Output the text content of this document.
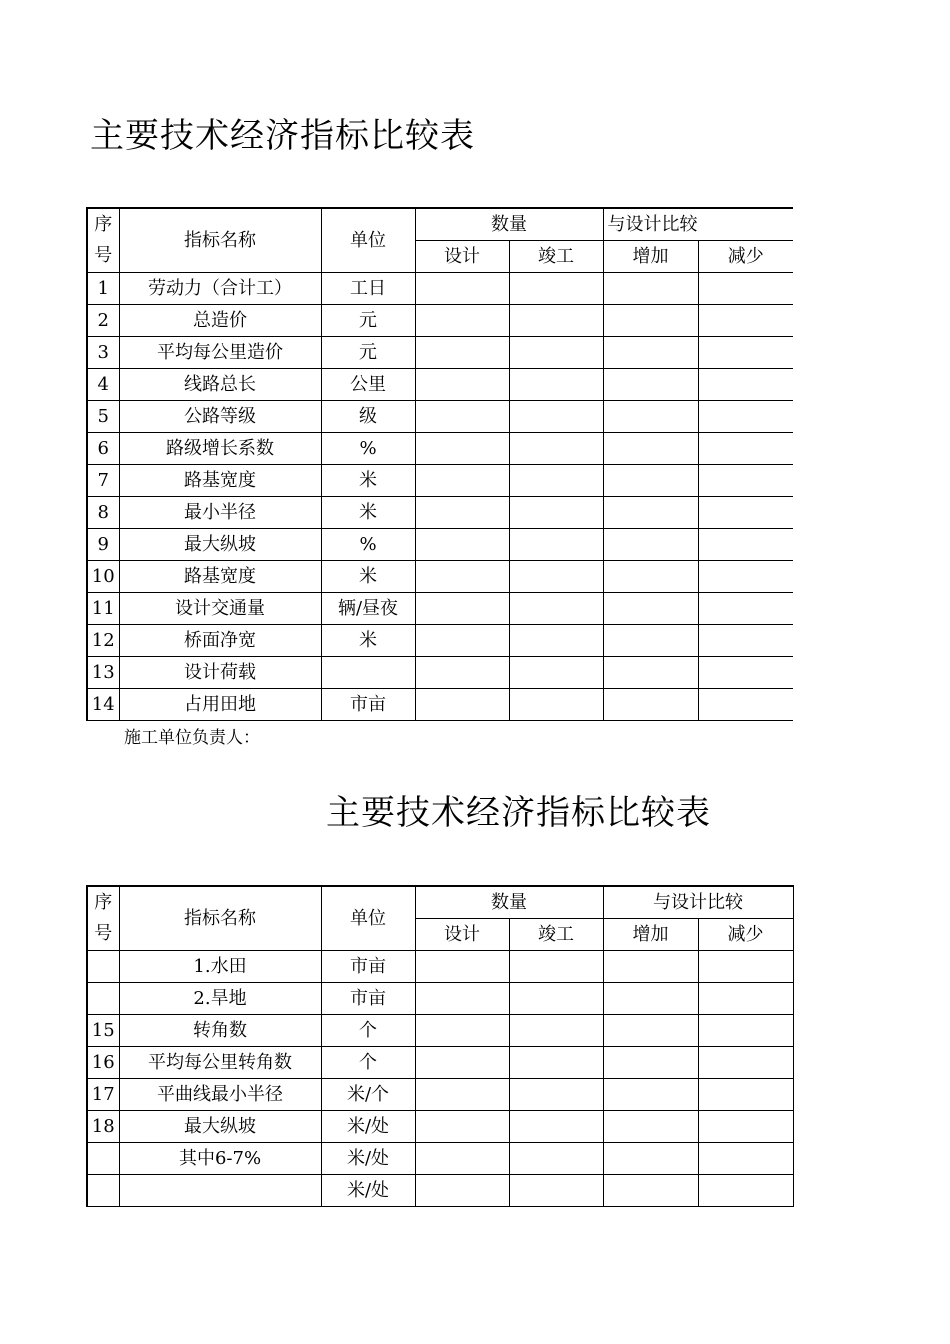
主要技术经济指标比较表
序	指标名称	单位	数量		与设计比较	
号			设计	竣工	增加	减少
1	劳动力（合计工）	工日				
2	总造价	元				
3	平均每公里造价	元				
4	线路总长	公里				
5	公路等级	级				
6	路级增长系数	%				
7	路基宽度	米				
8	最小半径	米				
9	最大纵坡	%				
10	路基宽度	米				
11	设计交通量	辆/昼夜				
12	桥面净宽	米				
13	设计荷载					
14	占用田地	市亩				
施工单位负责人：
主要技术经济指标比较表
序	指标名称	单位	数量		与设计比较	
号			设计	竣工	增加	减少
	1.水田	市亩				
	2.旱地	市亩				
15	转角数	个				
16	平均每公里转角数	个				
17	平曲线最小半径	米/个				
18	最大纵坡	米/处				
	其中6-7%	米/处				
		米/处				
